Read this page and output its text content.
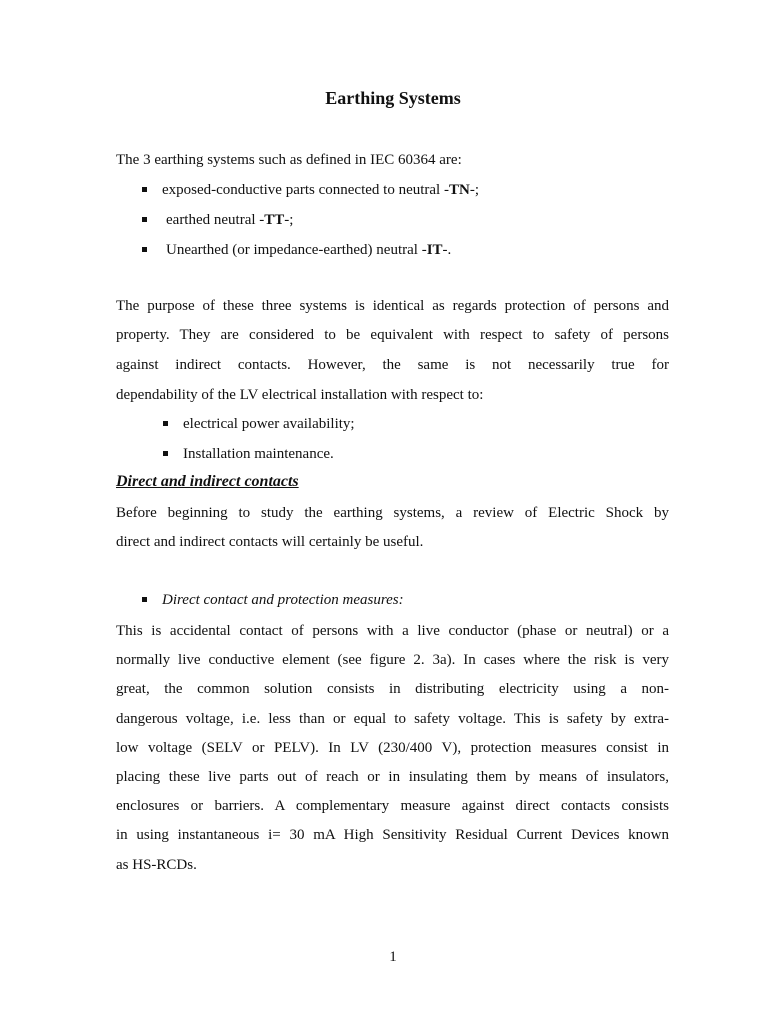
Earthing Systems

The 3 earthing systems such as defined in IEC 60364 are:

exposed-conductive parts connected to neutral -TN-;

earthed neutral -TT-;

Unearthed (or impedance-earthed) neutral -IT-.

The purpose of these three systems is identical as regards protection of persons and

property. They are considered to be equivalent with respect to safety of persons

against indirect contacts. However, the same is not necessarily true for

dependability of the LV electrical installation with respect to:

electrical power availability;

Installation maintenance.

Direct and indirect contacts

Before beginning to study the earthing systems, a review of Electric Shock by

direct and indirect contacts will certainly be useful.

Direct contact and protection measures:

This is accidental contact of persons with a live conductor (phase or neutral) or a

normally live conductive element (see figure 2. 3a). In cases where the risk is very

great, the common solution consists in distributing electricity using a non-

dangerous voltage, i.e. less than or equal to safety voltage. This is safety by extra-

low voltage (SELV or PELV). In LV (230/400 V), protection measures consist in

placing these live parts out of reach or in insulating them by means of insulators,

enclosures or barriers. A complementary measure against direct contacts consists

in using instantaneous i= 30 mA High Sensitivity Residual Current Devices known

as HS-RCDs.

1
